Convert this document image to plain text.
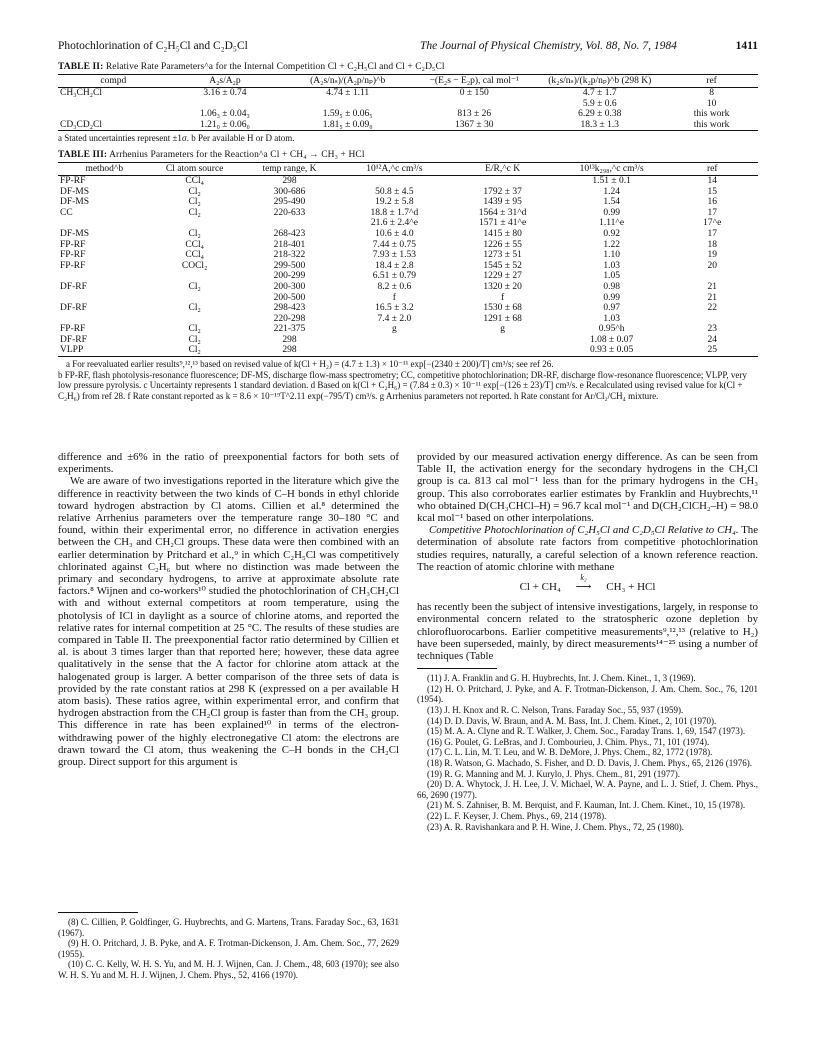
Photochlorination of C₂H₅Cl and C₂D₅Cl	The Journal of Physical Chemistry, Vol. 88, No. 7, 1984	1411
TABLE II: Relative Rate Parameters^a for the Internal Competition Cl + C₂H₅Cl and Cl + C₂D₅Cl
compd	A₂s/A₂p	(A₂s/nₛ)/(A₂p/nₚ)^b	−(E₂s − E₂p), cal mol⁻¹	(k₂s/nₛ)/(k₂p/nₚ)^b (298 K)	ref
CH₃CH₂Cl	3.16 ± 0.74	4.74 ± 1.11	0 ± 150	4.7 ± 1.7	8
				5.9 ± 0.6	10
	1.06₃ ± 0.04₃	1.59₅ ± 0.06₅	813 ± 26	6.29 ± 0.38	this work
CD₃CD₂Cl	1.21₀ ± 0.06₀	1.81₅ ± 0.09₀	1367 ± 30	18.3 ± 1.3	this work
a Stated uncertainties represent ±1σ. b Per available H or D atom.
TABLE III: Arrhenius Parameters for the Reaction^a Cl + CH₄ → CH₃ + HCl
method^b	Cl atom source	temp range, K	10¹²A,^c cm³/s	E/R,^c K	10¹³k₂₉₈,^c cm³/s	ref
FP-RF	CCl₄	298			1.51 ± 0.1	14
DF-MS	Cl₂	300-686	50.8 ± 4.5	1792 ± 37	1.24	15
DF-MS	Cl₂	295-490	19.2 ± 5.8	1439 ± 95	1.54	16
CC	Cl₂	220-633	18.8 ± 1.7^d	1564 ± 31^d	0.99	17
			21.6 ± 2.4^e	1571 ± 41^e	1.11^e	17^e
DF-MS	Cl₂	268-423	10.6 ± 4.0	1415 ± 80	0.92	17
FP-RF	CCl₄	218-401	7.44 ± 0.75	1226 ± 55	1.22	18
FP-RF	CCl₄	218-322	7.93 ± 1.53	1273 ± 51	1.10	19
FP-RF	COCl₂	299-500	18.4 ± 2.8	1545 ± 52	1.03	20
		200-299	6.51 ± 0.79	1229 ± 27	1.05	
DF-RF	Cl₂	200-300	8.2 ± 0.6	1320 ± 20	0.98	21
		200-500	f	f	0.99	21
DF-RF	Cl₂	298-423	16.5 ± 3.2	1530 ± 68	0.97	22
		220-298	7.4 ± 2.0	1291 ± 68	1.03	
FP-RF	Cl₂	221-375	g	g	0.95^h	23
DF-RF	Cl₂	298			1.08 ± 0.07	24
VLPP	Cl₂	298			0.93 ± 0.05	25

a For reevaluated earlier results⁹,¹²,¹³ based on revised value of k(Cl + H₂) = (4.7 ± 1.3) × 10⁻¹¹ exp[−(2340 ± 200)/T] cm³/s; see ref 26.

b FP-RF, flash photolysis-resonance fluorescence; DF-MS, discharge flow-mass spectrometry; CC, competitive photochlorination; DR-RF, discharge flow-resonance fluorescence; VLPP, very low pressure pyrolysis. c Uncertainty represents 1 standard deviation. d Based on k(Cl + C₂H₆) = (7.84 ± 0.3) × 10⁻¹¹ exp[−(126 ± 23)/T] cm³/s. e Recalculated using revised value for k(Cl + C₂H₆) from ref 28. f Rate constant reported as k = 8.6 × 10⁻¹⁹T^2.11 exp(−795/T) cm³/s. g Arrhenius parameters not reported. h Rate constant for Ar/Cl₂/CH₄ mixture.

difference and ±6% in the ratio of preexponential factors for both sets of experiments.

We are aware of two investigations reported in the literature which give the difference in reactivity between the two kinds of C–H bonds in ethyl chloride toward hydrogen abstraction by Cl atoms. Cillien et al.⁸ determined the relative Arrhenius parameters over the temperature range 30–180 °C and found, within their experimental error, no difference in activation energies between the CH₃ and CH₂Cl groups. These data were then combined with an earlier determination by Pritchard et al.,⁹ in which C₂H₅Cl was competitively chlorinated against C₂H₆ but where no distinction was made between the primary and secondary hydrogens, to arrive at approximate absolute rate factors.⁸ Wijnen and co-workers¹⁰ studied the photochlorination of CH₃CH₂Cl with and without external competitors at room temperature, using the photolysis of ICl in daylight as a source of chlorine atoms, and reported the relative rates for internal competition at 25 °C. The results of these studies are compared in Table II. The preexponential factor ratio determined by Cillien et al. is about 3 times larger than that reported here; however, these data agree qualitatively in the sense that the A factor for chlorine atom attack at the halogenated group is larger. A better comparison of the three sets of data is provided by the rate constant ratios at 298 K (expressed on a per available H atom basis). These ratios agree, within experimental error, and confirm that hydrogen abstraction from the CH₂Cl group is faster than from the CH₃ group. This difference in rate has been explained¹⁰ in terms of the electron-withdrawing power of the highly electronegative Cl atom: the electrons are drawn toward the Cl atom, thus weakening the C–H bonds in the CH₂Cl group. Direct support for this argument is

(8) C. Cillien, P. Goldfinger, G. Huybrechts, and G. Martens, Trans. Faraday Soc., 63, 1631 (1967).

(9) H. O. Pritchard, J. B. Pyke, and A. F. Trotman-Dickenson, J. Am. Chem. Soc., 77, 2629 (1955).

(10) C. C. Kelly, W. H. S. Yu, and M. H. J. Wijnen, Can. J. Chem., 48, 603 (1970); see also W. H. S. Yu and M. H. J. Wijnen, J. Chem. Phys., 52, 4166 (1970).

provided by our measured activation energy difference. As can be seen from Table II, the activation energy for the secondary hydrogens in the CH₂Cl group is ca. 813 cal mol⁻¹ less than for the primary hydrogens in the CH₃ group. This also corroborates earlier estimates by Franklin and Huybrechts,¹¹ who obtained D(CH₃CHCl–H) = 96.7 kcal mol⁻¹ and D(CH₂ClCH₂–H) = 98.0 kcal mol⁻¹ based on other interpolations.

Competitive Photochlorination of C₂H₅Cl and C₂D₅Cl Relative to CH₄. The determination of absolute rate factors from competitive photochlorination studies requires, naturally, a careful selection of a known reference reaction. The reaction of atomic chlorine with methane

Cl + CH₄
k₂
⟶ CH₃ + HCl

has recently been the subject of intensive investigations, largely, in response to environmental concern related to the stratospheric ozone depletion by chlorofluorocarbons. Earlier competitive measurements⁹,¹²,¹³ (relative to H₂) have been superseded, mainly, by direct measurements¹⁴⁻²⁵ using a number of techniques (Table

(11) J. A. Franklin and G. H. Huybrechts, Int. J. Chem. Kinet., 1, 3 (1969).

(12) H. O. Pritchard, J. Pyke, and A. F. Trotman-Dickenson, J. Am. Chem. Soc., 76, 1201 (1954).

(13) J. H. Knox and R. C. Nelson, Trans. Faraday Soc., 55, 937 (1959).

(14) D. D. Davis, W. Braun, and A. M. Bass, Int. J. Chem. Kinet., 2, 101 (1970).

(15) M. A. A. Clyne and R. T. Walker, J. Chem. Soc., Faraday Trans. 1, 69, 1547 (1973).

(16) G. Poulet, G. LeBras, and J. Combourieu, J. Chim. Phys., 71, 101 (1974).

(17) C. L. Lin, M. T. Leu, and W. B. DeMore, J. Phys. Chem., 82, 1772 (1978).

(18) R. Watson, G. Machado, S. Fisher, and D. D. Davis, J. Chem. Phys., 65, 2126 (1976).

(19) R. G. Manning and M. J. Kurylo, J. Phys. Chem., 81, 291 (1977).

(20) D. A. Whytock, J. H. Lee, J. V. Michael, W. A. Payne, and L. J. Stief, J. Chem. Phys., 66, 2690 (1977).

(21) M. S. Zahniser, B. M. Berquist, and F. Kauman, Int. J. Chem. Kinet., 10, 15 (1978).

(22) L. F. Keyser, J. Chem. Phys., 69, 214 (1978).

(23) A. R. Ravishankara and P. H. Wine, J. Chem. Phys., 72, 25 (1980).
